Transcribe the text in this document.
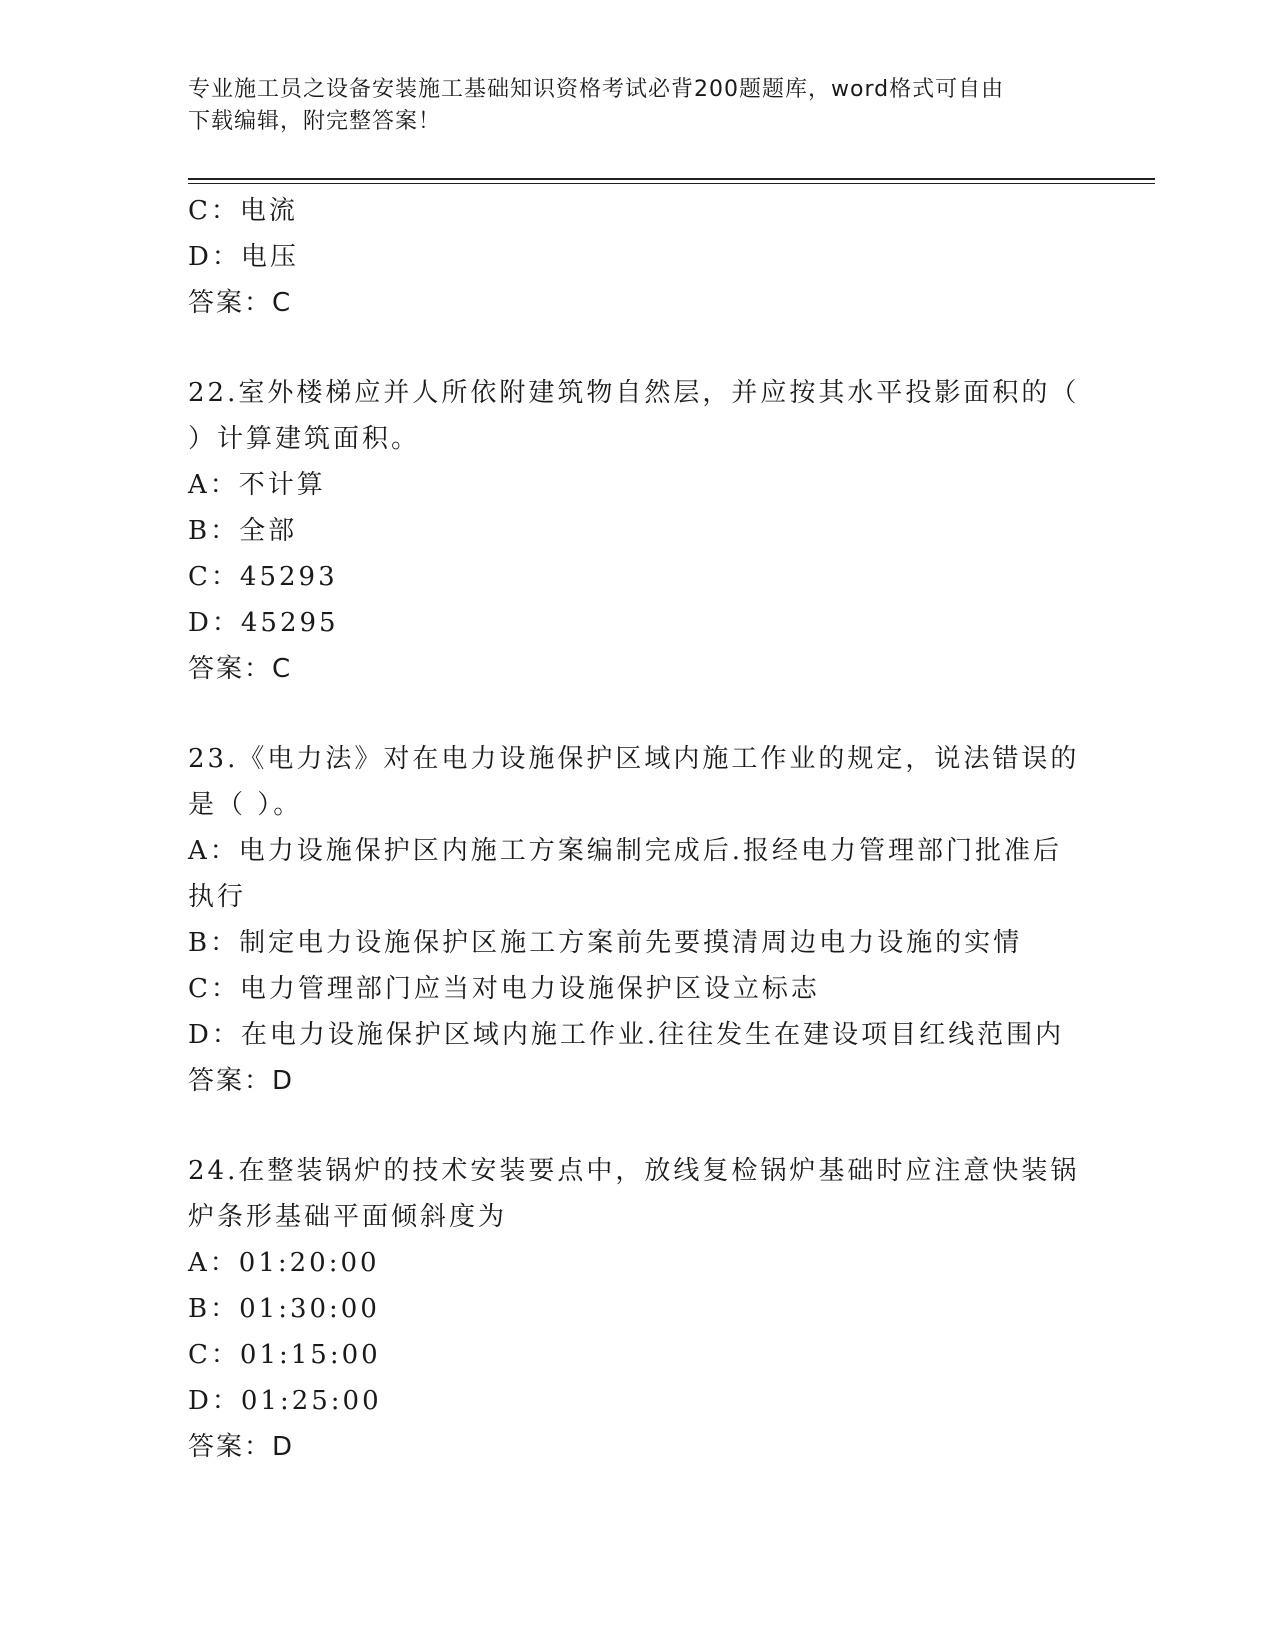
专业施工员之设备安装施工基础知识资格考试必背200题题库，word格式可自由
下载编辑，附完整答案！
C：电流
D：电压
答案：C
22.室外楼梯应并人所依附建筑物自然层，并应按其水平投影面积的（
）计算建筑面积。
A：不计算
B：全部
C：45293
D：45295
答案：C
23.《电力法》对在电力设施保护区域内施工作业的规定，说法错误的
是（ ）。
A：电力设施保护区内施工方案编制完成后.报经电力管理部门批准后
执行
B：制定电力设施保护区施工方案前先要摸清周边电力设施的实情
C：电力管理部门应当对电力设施保护区设立标志
D：在电力设施保护区域内施工作业.往往发生在建设项目红线范围内
答案：D
24.在整装锅炉的技术安装要点中，放线复检锅炉基础时应注意快装锅
炉条形基础平面倾斜度为
A：01:20:00
B：01:30:00
C：01:15:00
D：01:25:00
答案：D
